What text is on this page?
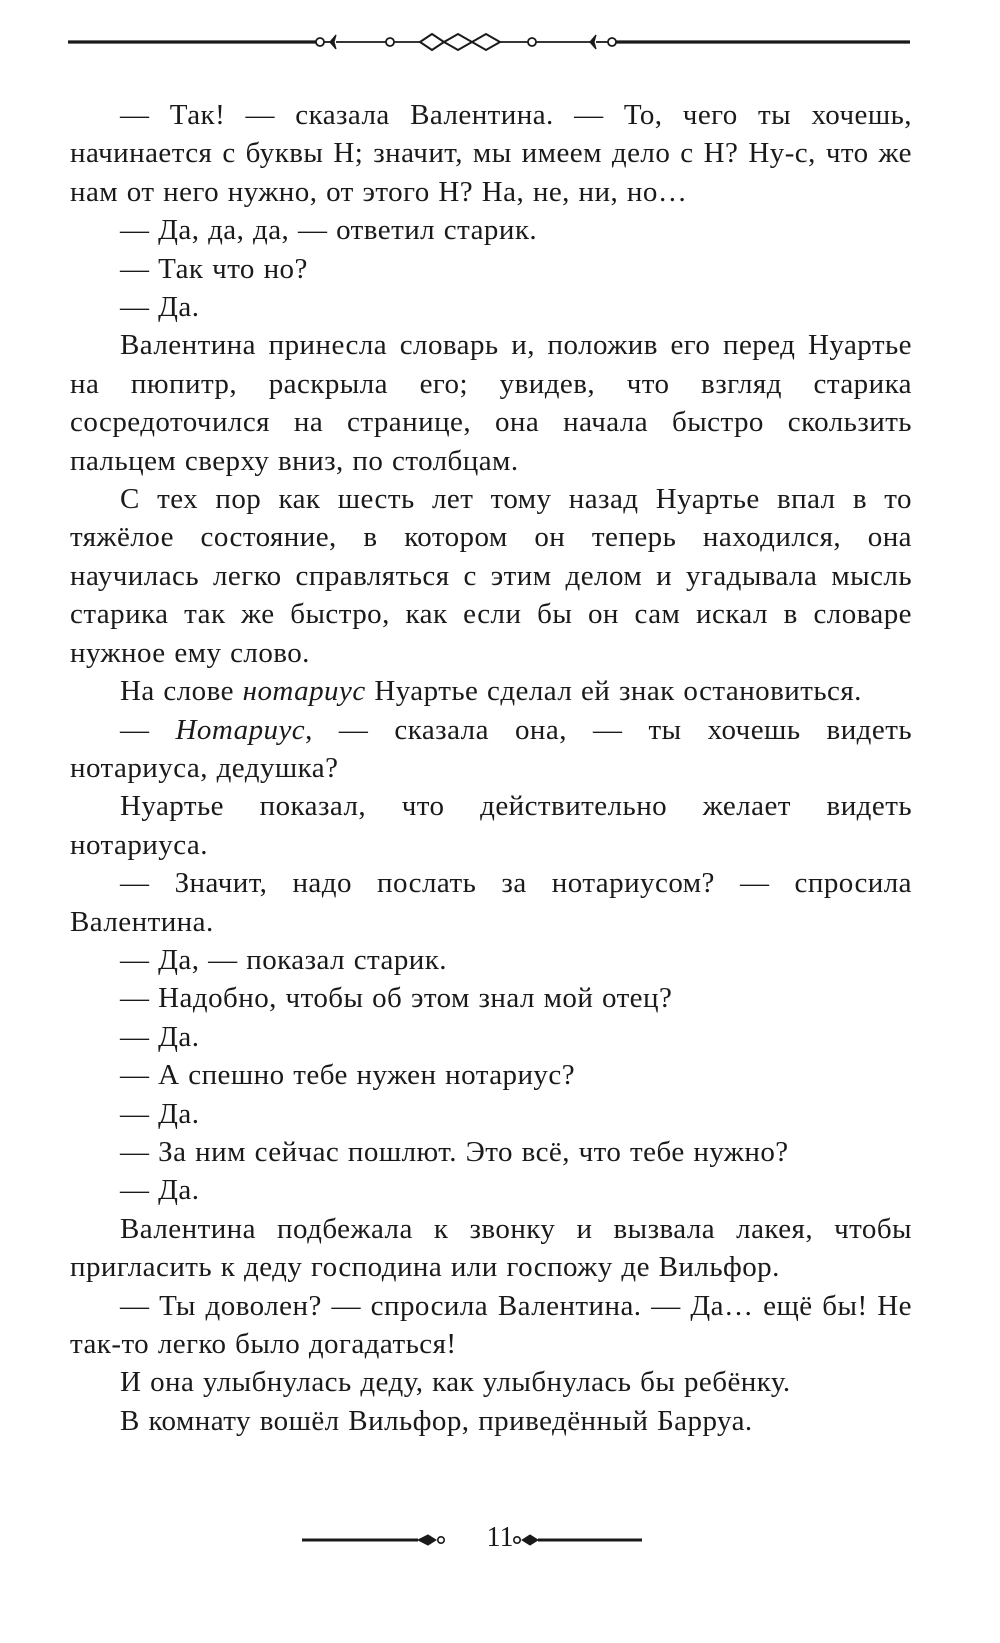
— Так! — сказала Валентина. — То, чего ты хочешь, начинается с буквы Н; значит, мы имеем дело с Н? Ну-с, что же нам от него нужно, от этого Н? На, не, ни, но…

— Да, да, да, — ответил старик.

— Так что но?

— Да.

Валентина принесла словарь и, положив его перед Нуартье на пюпитр, раскрыла его; увидев, что взгляд старика сосредоточился на странице, она начала быстро скользить пальцем сверху вниз, по столбцам.

С тех пор как шесть лет тому назад Нуартье впал в то тяжёлое состояние, в котором он теперь находился, она научилась легко справляться с этим делом и угадывала мысль старика так же быстро, как если бы он сам искал в словаре нужное ему слово.

На слове нотариус Нуартье сделал ей знак остановиться.

— Нотариус, — сказала она, — ты хочешь видеть нотариуса, дедушка?

Нуартье показал, что действительно желает видеть нотариуса.

— Значит, надо послать за нотариусом? — спросила Валентина.

— Да, — показал старик.

— Надобно, чтобы об этом знал мой отец?

— Да.

— А спешно тебе нужен нотариус?

— Да.

— За ним сейчас пошлют. Это всё, что тебе нужно?

— Да.

Валентина подбежала к звонку и вызвала лакея, чтобы пригласить к деду господина или госпожу де Вильфор.

— Ты доволен? — спросила Валентина. — Да… ещё бы! Не так-то легко было догадаться!

И она улыбнулась деду, как улыбнулась бы ребёнку.

В комнату вошёл Вильфор, приведённый Барруа.

11
